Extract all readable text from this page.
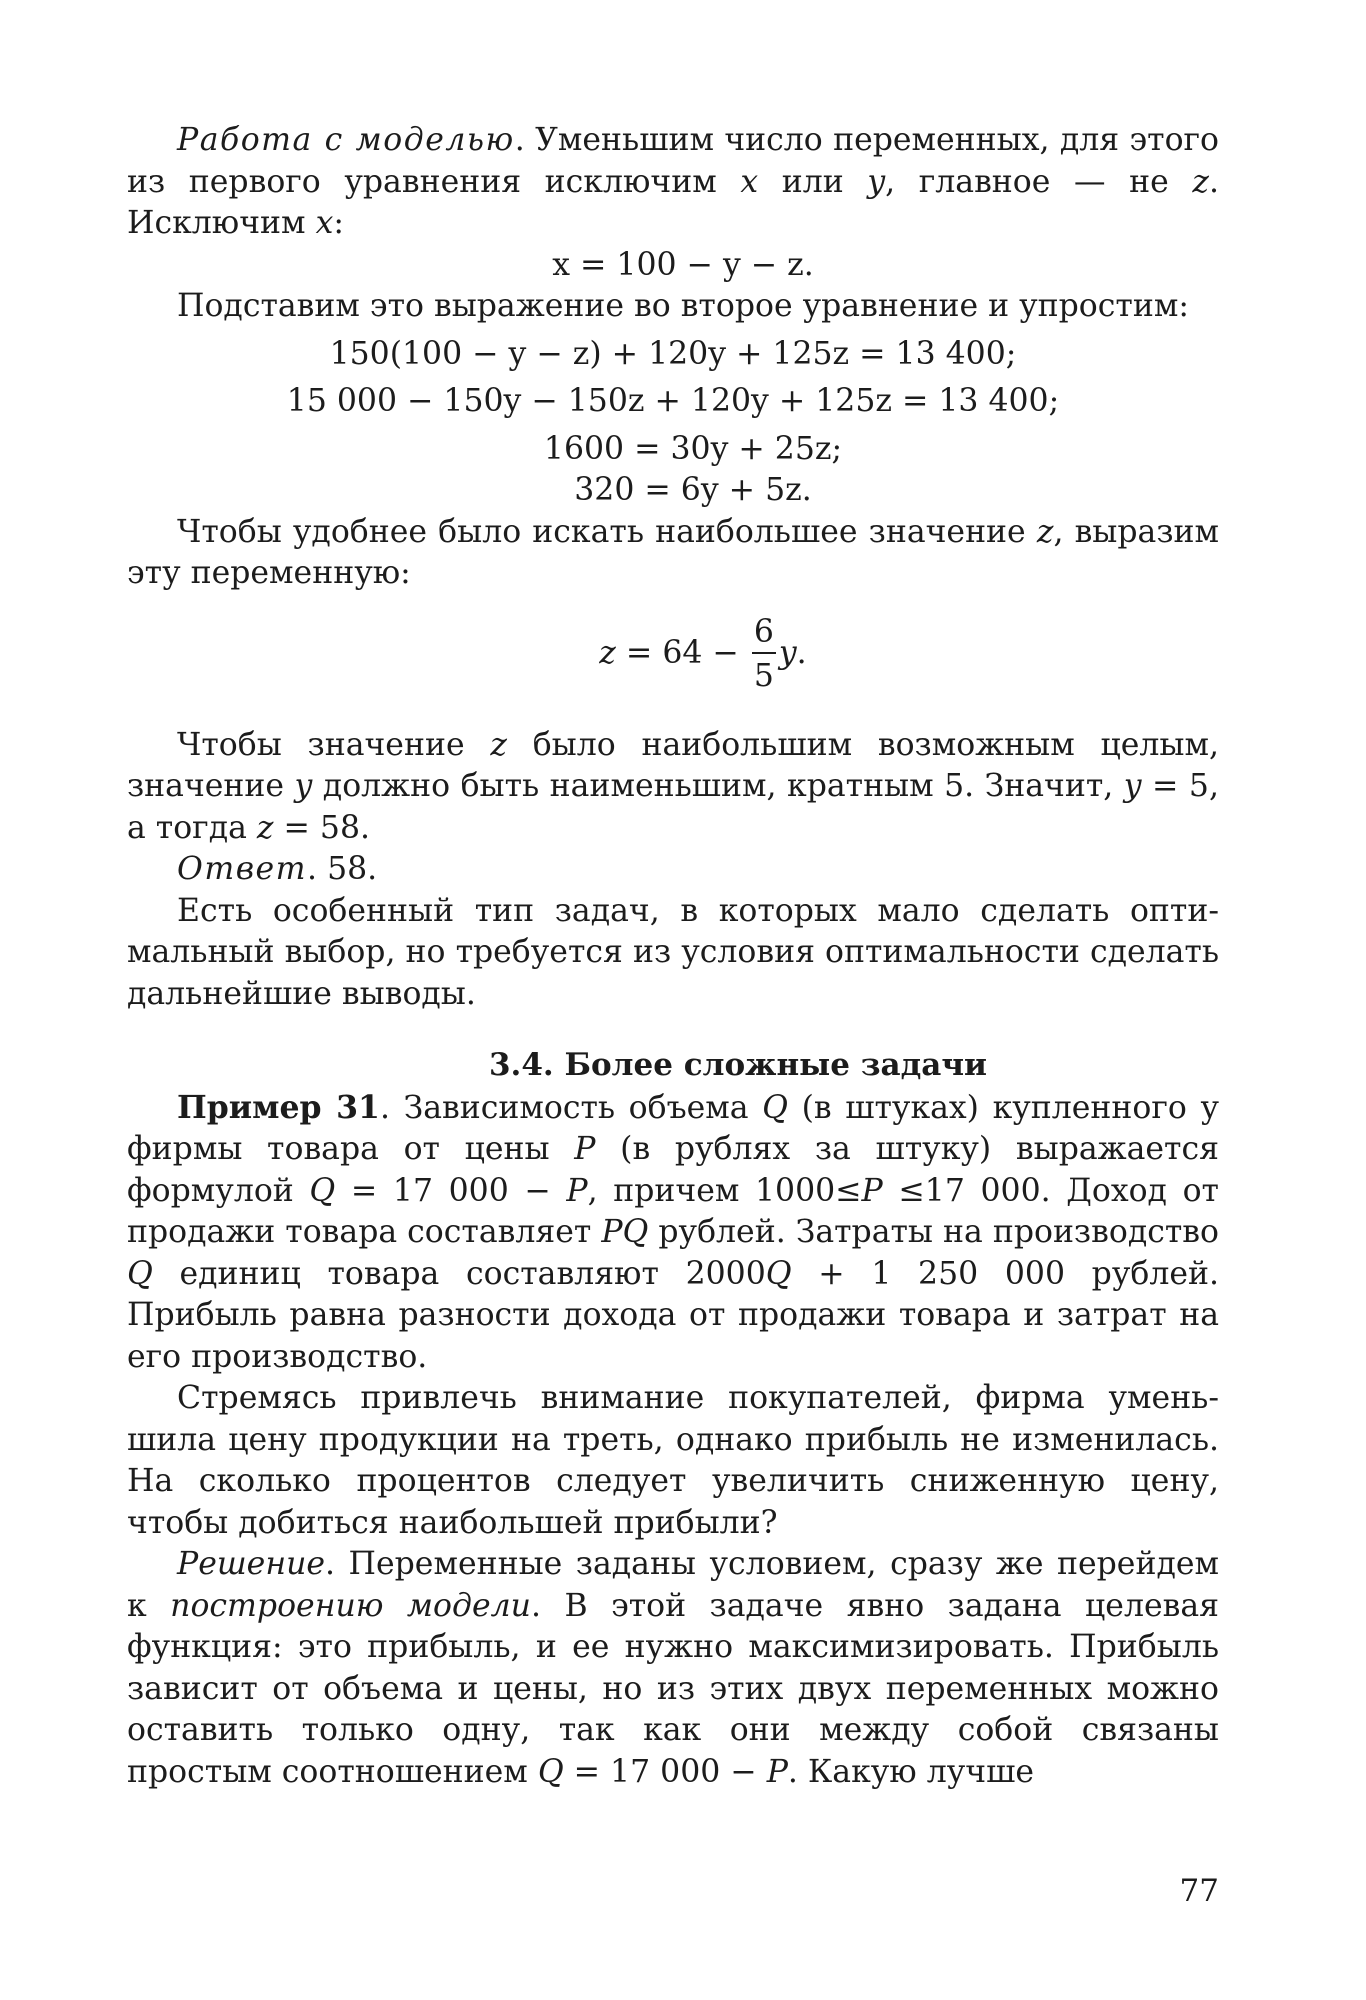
Работа с моделью. Уменьшим число переменных, для этого из первого уравнения исключим x или y, главное — не z. Исключим x:

x = 100 − y − z.

Подставим это выражение во второе уравнение и упростим:

150(100 − y − z) + 120y + 125z = 13 400;

15 000 − 150y − 150z + 120y + 125z = 13 400;

1600 = 30y + 25z;

320 = 6y + 5z.

Чтобы удобнее было искать наибольшее значение z, выразим эту переменную:

$z = 64 - \frac{6}{5}$ y .

Чтобы значение z было наибольшим возможным целым, значение y должно быть наименьшим, кратным 5. Значит, y = 5, а тогда z = 58.

Ответ. 58.

Есть особенный тип задач, в которых мало сделать оптимальный выбор, но требуется из условия оптимальности сделать дальнейшие выводы.

3.4. Более сложные задачи

Пример 31. Зависимость объема Q (в штуках) купленного у фирмы товара от цены P (в рублях за штуку) выражается формулой Q = 17 000 − P, причем 1000≤P ≤17 000. Доход от продажи товара составляет PQ рублей. Затраты на производство Q единиц товара составляют 2000Q + 1 250 000 рублей. Прибыль равна разности дохода от продажи товара и затрат на его производство.

Стремясь привлечь внимание покупателей, фирма уменьшила цену продукции на треть, однако прибыль не изменилась. На сколько процентов следует увеличить сниженную цену, чтобы добиться наибольшей прибыли?

Решение. Переменные заданы условием, сразу же перейдем к построению модели. В этой задаче явно задана целевая функция: это прибыль, и ее нужно максимизировать. Прибыль зависит от объема и цены, но из этих двух переменных можно оставить только одну, так как они между собой связаны простым соотношением Q = 17 000 − P. Какую лучше

77
